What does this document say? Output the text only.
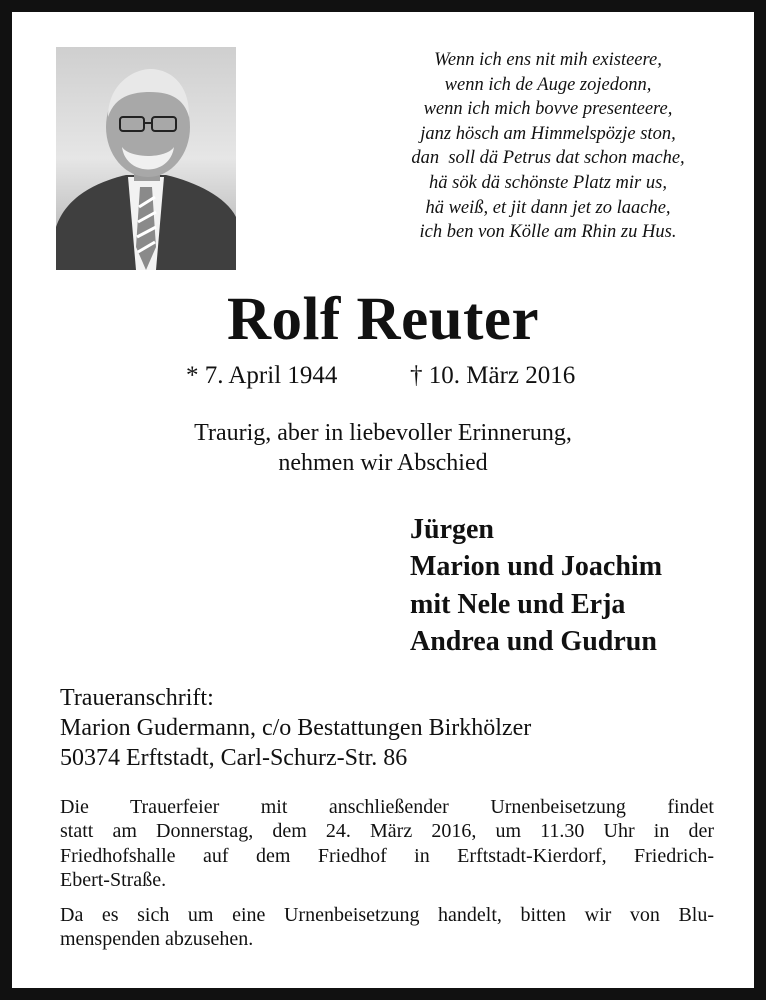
Wenn ich ens nit mih existeere,
wenn ich de Auge zojedonn,
wenn ich mich bovve presenteere,
janz hösch am Himmelspözje ston,
dan  soll dä Petrus dat schon mache,
hä sök dä schönste Platz mir us,
hä weiß, et jit dann jet zo laache,
ich ben von Kölle am Rhin zu Hus.
Rolf Reuter
* 7. April 1944	† 10. März 2016
Traurig, aber in liebevoller Erinnerung,
nehmen wir Abschied
Jürgen
Marion und Joachim
mit Nele und Erja
Andrea und Gudrun
Traueranschrift:
Marion Gudermann, c/o Bestattungen Birkhölzer
50374 Erftstadt, Carl-Schurz-Str. 86
Die Trauerfeier mit anschließender Urnenbeisetzung findet
statt am Donnerstag, dem 24. März 2016, um 11.30 Uhr in der
Friedhofshalle auf dem Friedhof in Erftstadt-Kierdorf, Friedrich-
Ebert-Straße.
Da es sich um eine Urnenbeisetzung handelt, bitten wir von Blu-
menspenden abzusehen.
